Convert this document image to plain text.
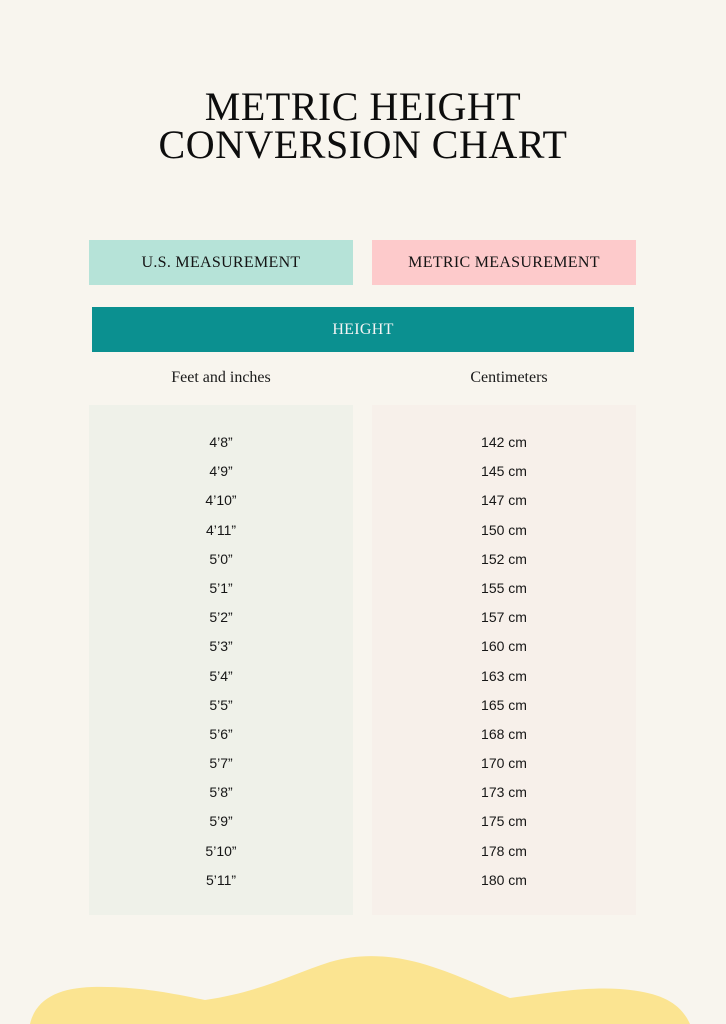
METRIC HEIGHT
CONVERSION CHART
U.S. MEASUREMENT	METRIC MEASUREMENT
HEIGHT
Feet and inches	Centimeters
4’8”
4’9”
4’10”
4’11”
5’0”
5’1”
5’2”
5’3”
5’4”
5’5”
5’6”
5’7”
5’8”
5’9”
5’10”
5’11”
142 cm
145 cm
147 cm
150 cm
152 cm
155 cm
157 cm
160 cm
163 cm
165 cm
168 cm
170 cm
173 cm
175 cm
178 cm
180 cm
